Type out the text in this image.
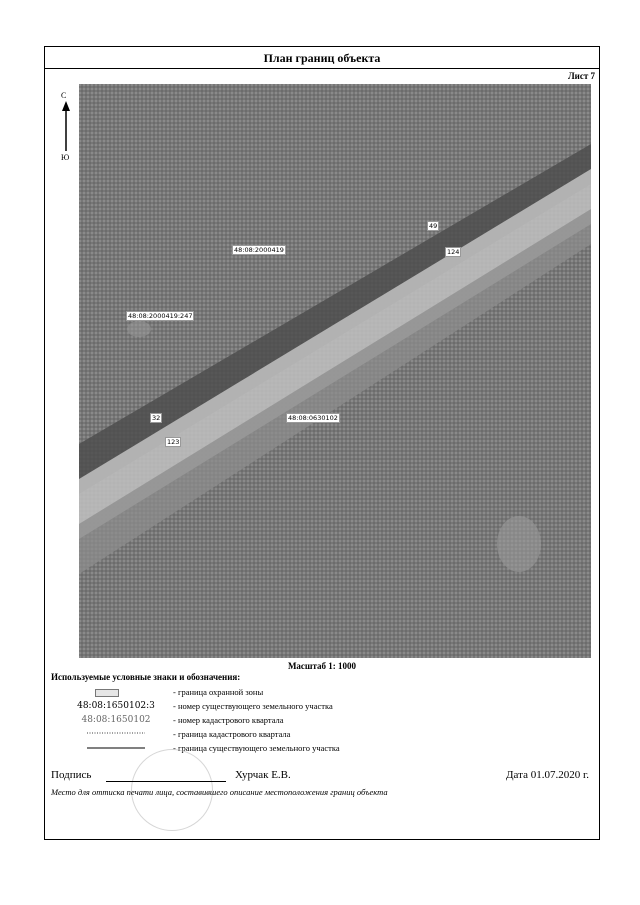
План границ объекта
Лист 7
С
Ю
49
124
48:08:2000419
48:08:2000419:247
32
123
48:08:0630102
Масштаб 1: 1000
Используемые условные знаки и обозначения:
- граница охранной зоны
48:08:1650102:3	- номер существующего земельного участка
48:08:1650102	- номер кадастрового квартала
- граница кадастрового квартала
- граница существующего земельного участка
Подпись	Хурчак Е.В.	Дата 01.07.2020 г.
Место для оттиска печати лица, составившего описание местоположения границ объекта
